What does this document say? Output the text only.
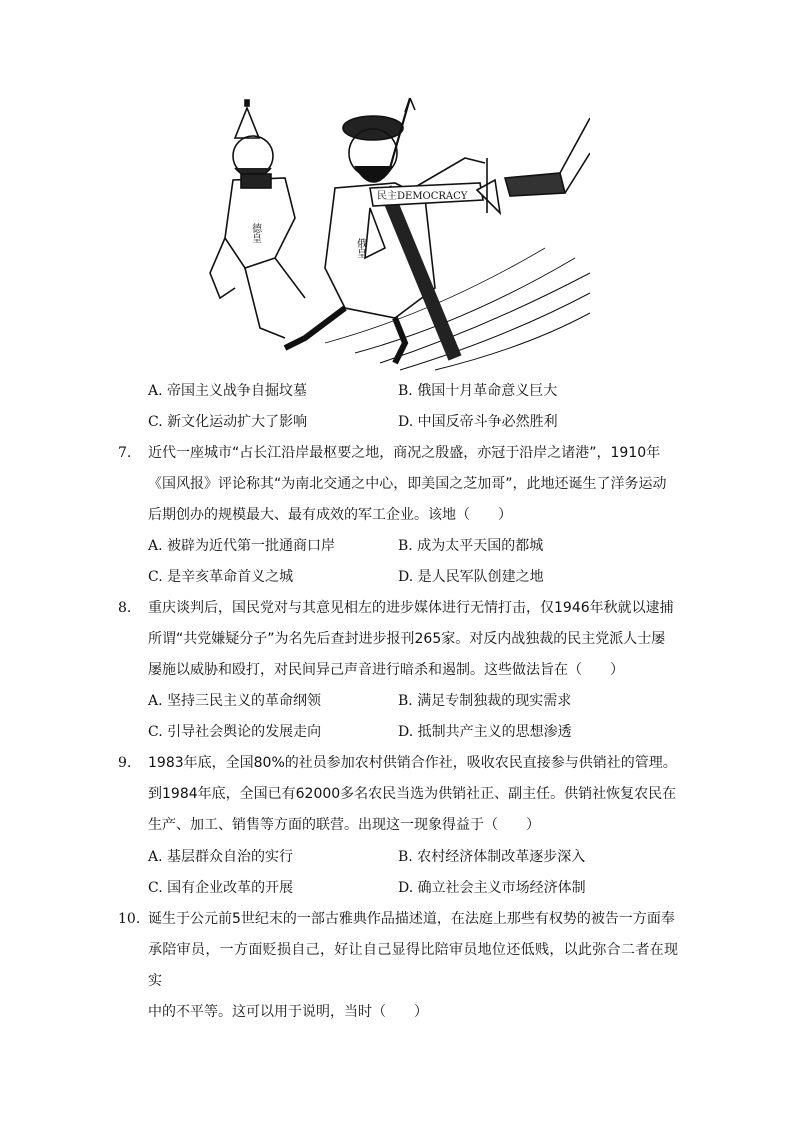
民主DEMOCRACY
德皇
俄皇
A. 帝国主义战争自掘坟墓	B. 俄国十月革命意义巨大
C. 新文化运动扩大了影响	D. 中国反帝斗争必然胜利
7.	近代一座城市“占长江沿岸最枢要之地，商况之殷盛，亦冠于沿岸之诸港”，1910年
《国风报》评论称其“为南北交通之中心，即美国之芝加哥”，此地还诞生了洋务运动
后期创办的规模最大、最有成效的军工企业。该地（　　）
A. 被辟为近代第一批通商口岸	B. 成为太平天国的都城
C. 是辛亥革命首义之城	D. 是人民军队创建之地
8.	重庆谈判后，国民党对与其意见相左的进步媒体进行无情打击，仅1946年秋就以逮捕
所谓“共党嫌疑分子”为名先后查封进步报刊265家。对反内战独裁的民主党派人士屡
屡施以威胁和殴打，对民间异己声音进行暗杀和遏制。这些做法旨在（　　）
A. 坚持三民主义的革命纲领	B. 满足专制独裁的现实需求
C. 引导社会舆论的发展走向	D. 抵制共产主义的思想渗透
9.	1983年底，全国80%的社员参加农村供销合作社，吸收农民直接参与供销社的管理。
到1984年底，全国已有62000多名农民当选为供销社正、副主任。供销社恢复农民在
生产、加工、销售等方面的联营。出现这一现象得益于（　　）
A. 基层群众自治的实行	B. 农村经济体制改革逐步深入
C. 国有企业改革的开展	D. 确立社会主义市场经济体制
10. 诞生于公元前5世纪末的一部古雅典作品描述道，在法庭上那些有权势的被告一方面奉
承陪审员，一方面贬损自己，好让自己显得比陪审员地位还低贱，以此弥合二者在现实
中的不平等。这可以用于说明，当时（　　）
